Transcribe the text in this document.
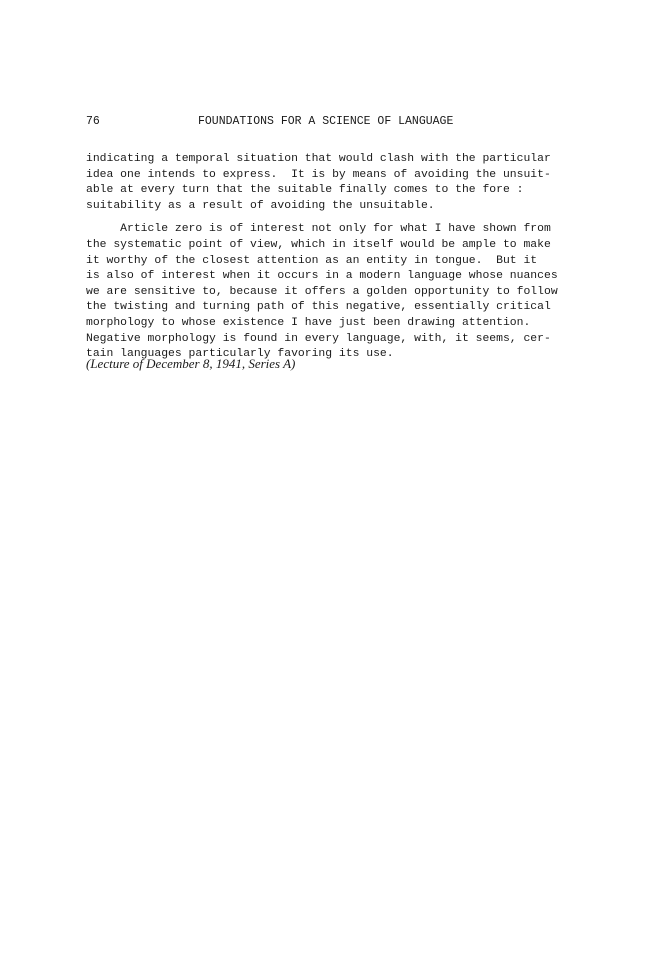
76	FOUNDATIONS FOR A SCIENCE OF LANGUAGE

indicating a temporal situation that would clash with the particular
idea one intends to express.  It is by means of avoiding the unsuit-
able at every turn that the suitable finally comes to the fore :
suitability as a result of avoiding the unsuitable.

Article zero is of interest not only for what I have shown from
the systematic point of view, which in itself would be ample to make
it worthy of the closest attention as an entity in tongue.  But it
is also of interest when it occurs in a modern language whose nuances
we are sensitive to, because it offers a golden opportunity to follow
the twisting and turning path of this negative, essentially critical
morphology to whose existence I have just been drawing attention.
Negative morphology is found in every language, with, it seems, cer-
tain languages particularly favoring its use.

(Lecture of December 8, 1941, Series A)
